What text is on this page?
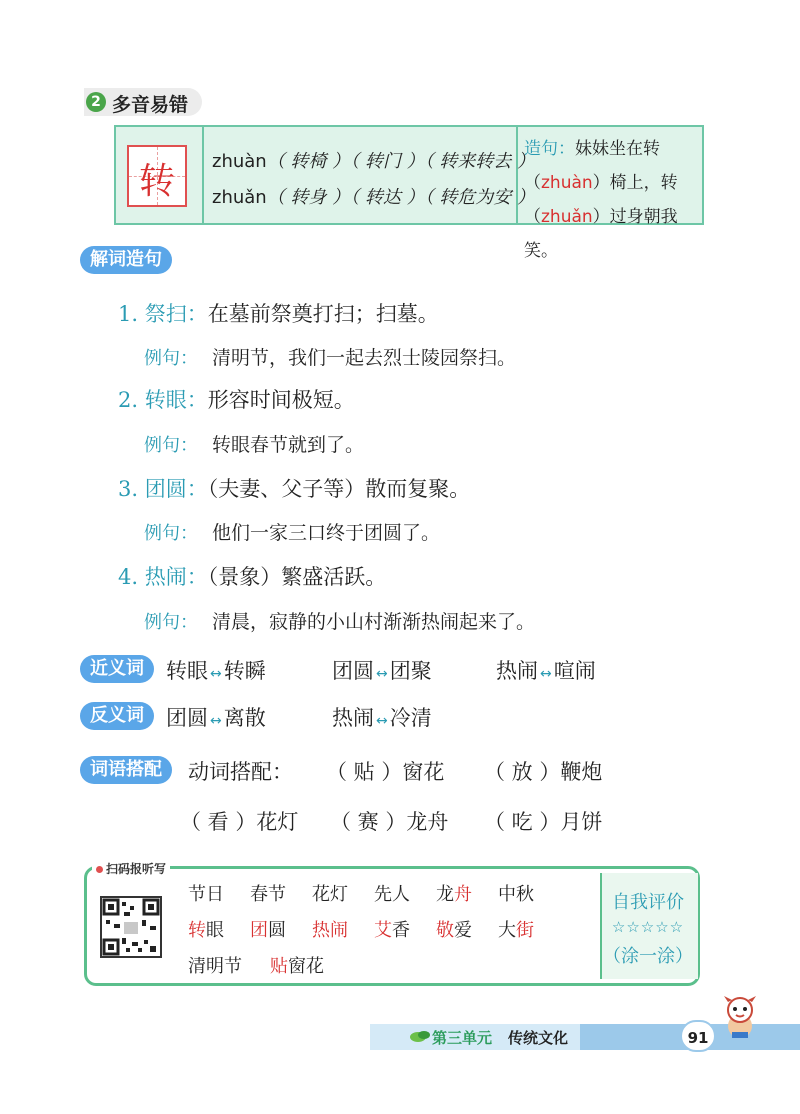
2 多音易错
转	zhuàn（ 转椅 ）（ 转门 ）（ 转来转去 ）
zhuǎn（ 转身 ）（ 转达 ）（ 转危为安 ）
造句：妹妹坐在转
（zhuàn）椅上，转
（zhuǎn）过身朝我笑。
解词造句
1. 祭扫：在墓前祭奠打扫；扫墓。
例句： 清明节，我们一起去烈士陵园祭扫。
2. 转眼：形容时间极短。
例句： 转眼春节就到了。
3. 团圆：（夫妻、父子等）散而复聚。
例句： 他们一家三口终于团圆了。
4. 热闹：（景象）繁盛活跃。
例句： 清晨，寂静的小山村渐渐热闹起来了。
近义词	转眼 ↔转瞬	团圆 ↔团聚	热闹 ↔喧闹
反义词	团圆 ↔离散	热闹 ↔冷清
词语搭配	动词搭配： （ 贴 ）窗花 （ 放 ）鞭炮
（ 看 ）花灯 （ 赛 ）龙舟 （ 吃 ）月饼
扫码报听写
节日 春节 花灯 先人 龙舟 中秋
转眼 团圆 热闹 艾香 敬爱 大街
清明节 贴窗花
自我评价
☆☆☆☆☆
（涂一涂）
第三单元 传统文化	91
